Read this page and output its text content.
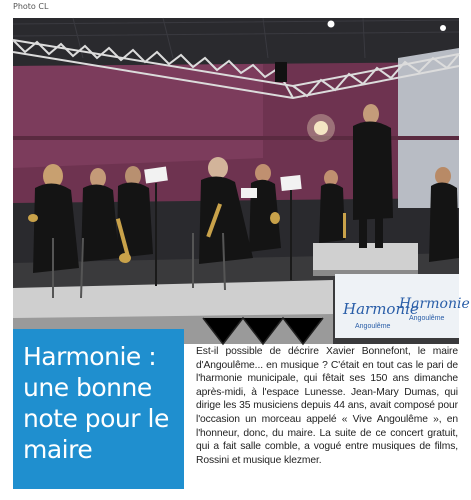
Photo CL
Harmonie
Angoulême
Harmonie
Angoulême
Harmonie : une bonne note pour le maire

Est-il possible de décrire Xavier Bonnefont, le maire d'Angoulême... en musique ? C'était en tout cas le pari de l'harmonie municipale, qui fêtait ses 150 ans dimanche après-midi, à l'espace Lunesse. Jean-Mary Dumas, qui dirige les 35 musiciens depuis 44 ans, avait composé pour l'occasion un morceau appelé « Vive Angoulême », en l'honneur, donc, du maire. La suite de ce concert gratuit, qui a fait salle comble, a vogué entre musiques de films, Rossini et musique klezmer.
